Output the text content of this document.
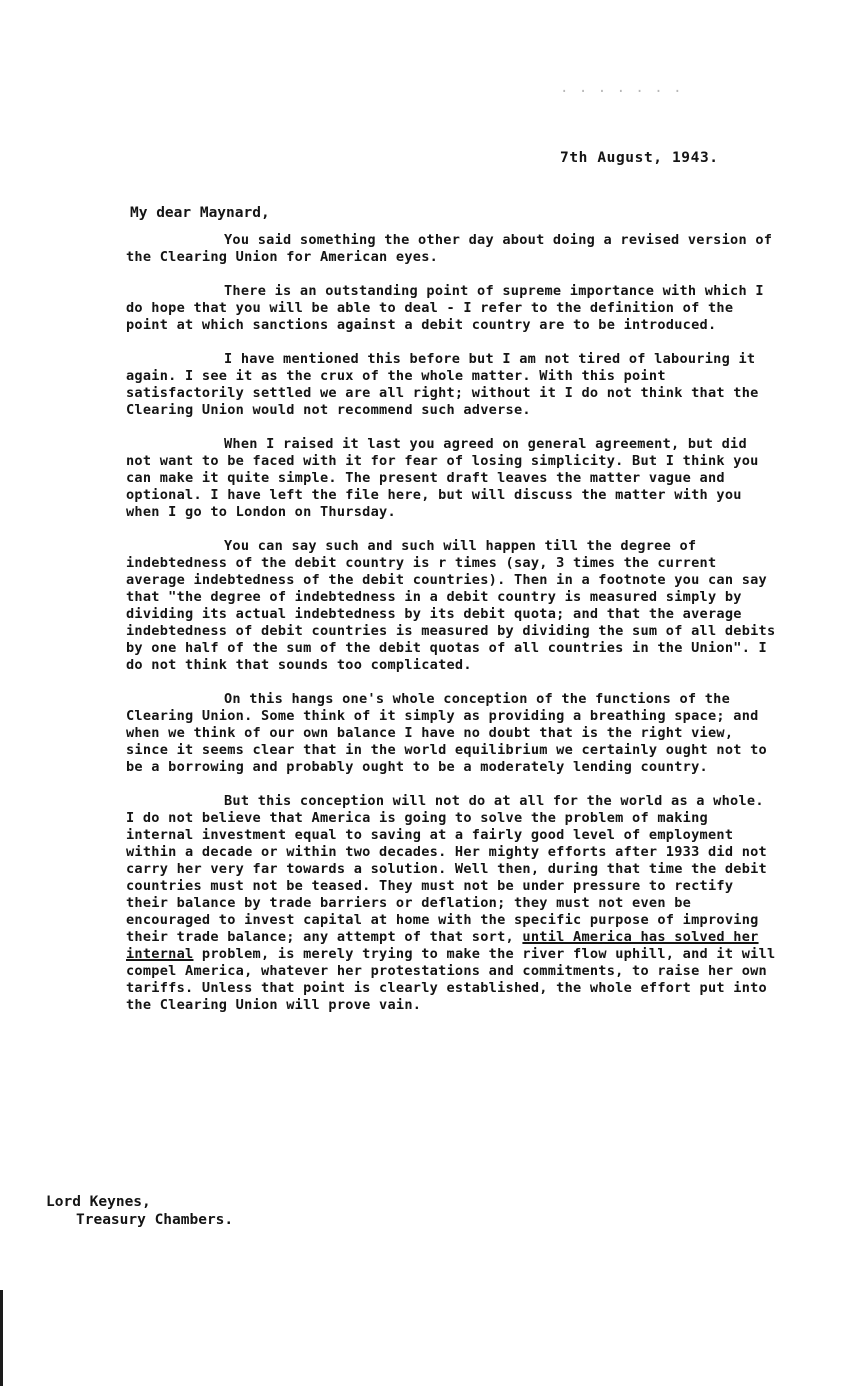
· · · · · · ·
7th August, 1943.
My dear Maynard,

You said something the other day about doing a revised version of the Clearing Union for American eyes.

There is an outstanding point of supreme importance with which I do hope that you will be able to deal - I refer to the definition of the point at which sanctions against a debit country are to be introduced.

I have mentioned this before but I am not tired of labouring it again. I see it as the crux of the whole matter. With this point satisfactorily settled we are all right; without it I do not think that the Clearing Union would not recommend such adverse.

When I raised it last you agreed on general agreement, but did not want to be faced with it for fear of losing simplicity. But I think you can make it quite simple. The present draft leaves the matter vague and optional. I have left the file here, but will discuss the matter with you when I go to London on Thursday.

You can say such and such will happen till the degree of indebtedness of the debit country is r times (say, 3 times the current average indebtedness of the debit countries). Then in a footnote you can say that "the degree of indebtedness in a debit country is measured simply by dividing its actual indebtedness by its debit quota; and that the average indebtedness of debit countries is measured by dividing the sum of all debits by one half of the sum of the debit quotas of all countries in the Union". I do not think that sounds too complicated.

On this hangs one's whole conception of the functions of the Clearing Union. Some think of it simply as providing a breathing space; and when we think of our own balance I have no doubt that is the right view, since it seems clear that in the world equilibrium we certainly ought not to be a borrowing and probably ought to be a moderately lending country.

But this conception will not do at all for the world as a whole. I do not believe that America is going to solve the problem of making internal investment equal to saving at a fairly good level of employment within a decade or within two decades. Her mighty efforts after 1933 did not carry her very far towards a solution. Well then, during that time the debit countries must not be teased. They must not be under pressure to rectify their balance by trade barriers or deflation; they must not even be encouraged to invest capital at home with the specific purpose of improving their trade balance; any attempt of that sort, until America has solved her internal problem, is merely trying to make the river flow uphill, and it will compel America, whatever her protestations and commitments, to raise her own tariffs. Unless that point is clearly established, the whole effort put into the Clearing Union will prove vain.

Lord Keynes,
Treasury Chambers.
